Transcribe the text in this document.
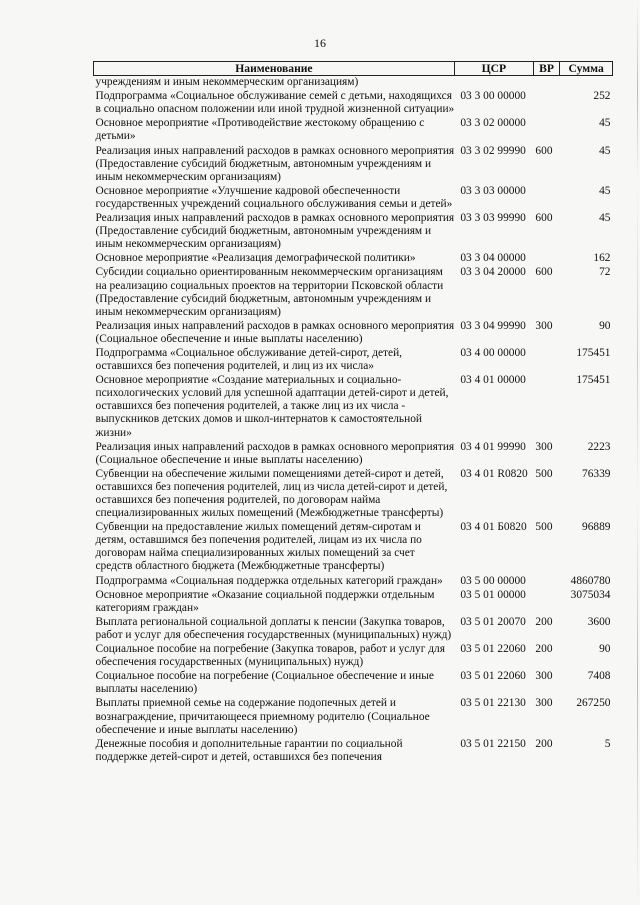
16
Наименование	ЦСР	ВР	Сумма
учреждениям и иным некоммерческим организациям)			
Подпрограмма «Социальное обслуживание семей с детьми, находящихся в социально опасном положении или иной трудной жизненной ситуации»	03 3 00 00000		252
Основное мероприятие «Противодействие жестокому обращению с детьми»	03 3 02 00000		45
Реализация иных направлений расходов в рамках основного мероприятия (Предоставление субсидий бюджетным, автономным учреждениям и иным некоммерческим организациям)	03 3 02 99990	600	45
Основное мероприятие «Улучшение кадровой обеспеченности государственных учреждений социального обслуживания семьи и детей»	03 3 03 00000		45
Реализация иных направлений расходов в рамках основного мероприятия (Предоставление субсидий бюджетным, автономным учреждениям и иным некоммерческим организациям)	03 3 03 99990	600	45
Основное мероприятие «Реализация демографической политики»	03 3 04 00000		162
Субсидии социально ориентированным некоммерческим организациям на реализацию социальных проектов на территории Псковской области (Предоставление субсидий бюджетным, автономным учреждениям и иным некоммерческим организациям)	03 3 04 20000	600	72
Реализация иных направлений расходов в рамках основного мероприятия (Социальное обеспечение и иные выплаты населению)	03 3 04 99990	300	90
Подпрограмма «Социальное обслуживание детей-сирот, детей, оставшихся без попечения родителей, и лиц из их числа»	03 4 00 00000		175451
Основное мероприятие «Создание материальных и социально-психологических условий для успешной адаптации детей-сирот и детей, оставшихся без попечения родителей, а также лиц из их числа - выпускников детских домов и школ-интернатов к самостоятельной жизни»	03 4 01 00000		175451
Реализация иных направлений расходов в рамках основного мероприятия (Социальное обеспечение и иные выплаты населению)	03 4 01 99990	300	2223
Субвенции на обеспечение жилыми помещениями детей-сирот и детей, оставшихся без попечения родителей, лиц из числа детей-сирот и детей, оставшихся без попечения родителей, по договорам найма специализированных жилых помещений (Межбюджетные трансферты)	03 4 01 R0820	500	76339
Субвенции на предоставление жилых помещений детям-сиротам и детям, оставшимся без попечения родителей, лицам из их числа по договорам найма специализированных жилых помещений за счет средств областного бюджета (Межбюджетные трансферты)	03 4 01 Б0820	500	96889
Подпрограмма «Социальная поддержка отдельных категорий граждан»	03 5 00 00000		4860780
Основное мероприятие «Оказание социальной поддержки отдельным категориям граждан»	03 5 01 00000		3075034
Выплата региональной социальной доплаты к пенсии (Закупка товаров, работ и услуг для обеспечения государственных (муниципальных) нужд)	03 5 01 20070	200	3600
Социальное пособие на погребение (Закупка товаров, работ и услуг для обеспечения государственных (муниципальных) нужд)	03 5 01 22060	200	90
Социальное пособие на погребение (Социальное обеспечение и иные выплаты населению)	03 5 01 22060	300	7408
Выплаты приемной семье на содержание подопечных детей и вознаграждение, причитающееся приемному родителю (Социальное обеспечение и иные выплаты населению)	03 5 01 22130	300	267250
Денежные пособия и дополнительные гарантии по социальной поддержке детей-сирот и детей, оставшихся без попечения	03 5 01 22150	200	5
